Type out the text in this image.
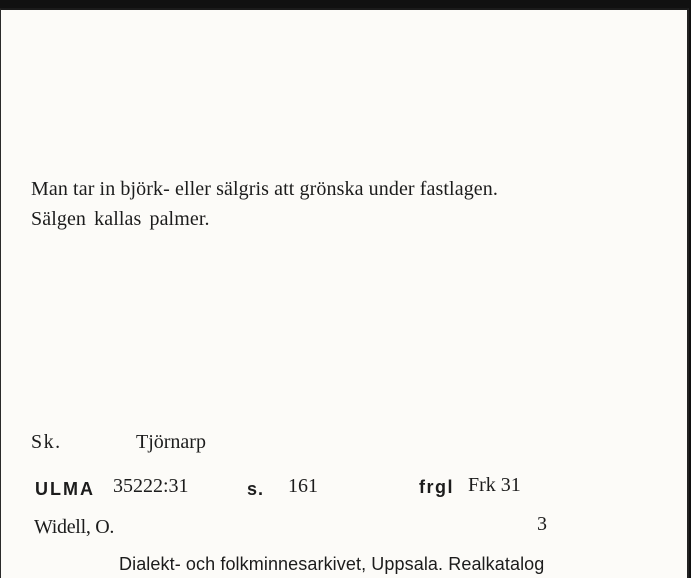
Man tar in björk- eller sälgris att grönska under fastlagen.
Sälgen kallas palmer.
Sk.	Tjörnarp
ULMA 35222:31	s. 161	frgl Frk 31
Widell, O.	3
Dialekt- och folkminnesarkivet, Uppsala. Realkatalog
